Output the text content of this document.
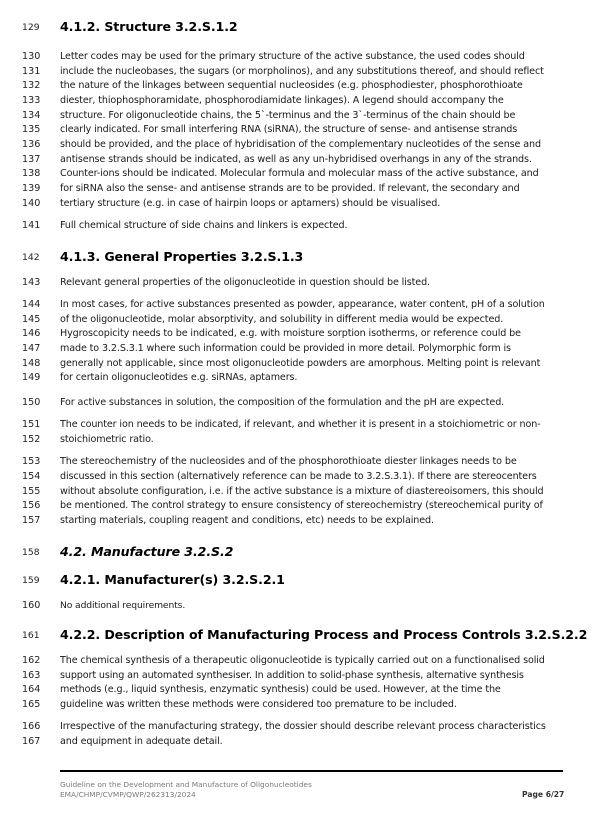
129 4.1.2. Structure 3.2.S.1.2
130 Letter codes may be used for the primary structure of the active substance, the used codes should
131 include the nucleobases, the sugars (or morpholinos), and any substitutions thereof, and should reflect
132 the nature of the linkages between sequential nucleosides (e.g. phosphodiester, phosphorothioate
133 diester, thiophosphoramidate, phosphorodiamidate linkages). A legend should accompany the
134 structure. For oligonucleotide chains, the 5`-terminus and the 3`-terminus of the chain should be
135 clearly indicated. For small interfering RNA (siRNA), the structure of sense- and antisense strands
136 should be provided, and the place of hybridisation of the complementary nucleotides of the sense and
137 antisense strands should be indicated, as well as any un-hybridised overhangs in any of the strands.
138 Counter-ions should be indicated. Molecular formula and molecular mass of the active substance, and
139 for siRNA also the sense- and antisense strands are to be provided. If relevant, the secondary and
140 tertiary structure (e.g. in case of hairpin loops or aptamers) should be visualised.
141 Full chemical structure of side chains and linkers is expected.
142 4.1.3. General Properties 3.2.S.1.3
143 Relevant general properties of the oligonucleotide in question should be listed.
144 In most cases, for active substances presented as powder, appearance, water content, pH of a solution
145 of the oligonucleotide, molar absorptivity, and solubility in different media would be expected.
146 Hygroscopicity needs to be indicated, e.g. with moisture sorption isotherms, or reference could be
147 made to 3.2.S.3.1 where such information could be provided in more detail. Polymorphic form is
148 generally not applicable, since most oligonucleotide powders are amorphous. Melting point is relevant
149 for certain oligonucleotides e.g. siRNAs, aptamers.
150 For active substances in solution, the composition of the formulation and the pH are expected.
151 The counter ion needs to be indicated, if relevant, and whether it is present in a stoichiometric or non-
152 stoichiometric ratio.
153 The stereochemistry of the nucleosides and of the phosphorothioate diester linkages needs to be
154 discussed in this section (alternatively reference can be made to 3.2.S.3.1). If there are stereocenters
155 without absolute configuration, i.e. if the active substance is a mixture of diastereoisomers, this should
156 be mentioned. The control strategy to ensure consistency of stereochemistry (stereochemical purity of
157 starting materials, coupling reagent and conditions, etc) needs to be explained.
158 4.2. Manufacture 3.2.S.2
159 4.2.1. Manufacturer(s) 3.2.S.2.1
160 No additional requirements.
161 4.2.2. Description of Manufacturing Process and Process Controls 3.2.S.2.2
162 The chemical synthesis of a therapeutic oligonucleotide is typically carried out on a functionalised solid
163 support using an automated synthesiser. In addition to solid-phase synthesis, alternative synthesis
164 methods (e.g., liquid synthesis, enzymatic synthesis) could be used. However, at the time the
165 guideline was written these methods were considered too premature to be included.
166 Irrespective of the manufacturing strategy, the dossier should describe relevant process characteristics
167 and equipment in adequate detail.
Guideline on the Development and Manufacture of Oligonucleotides
EMA/CHMP/CVMP/QWP/262313/2024	Page 6/27
